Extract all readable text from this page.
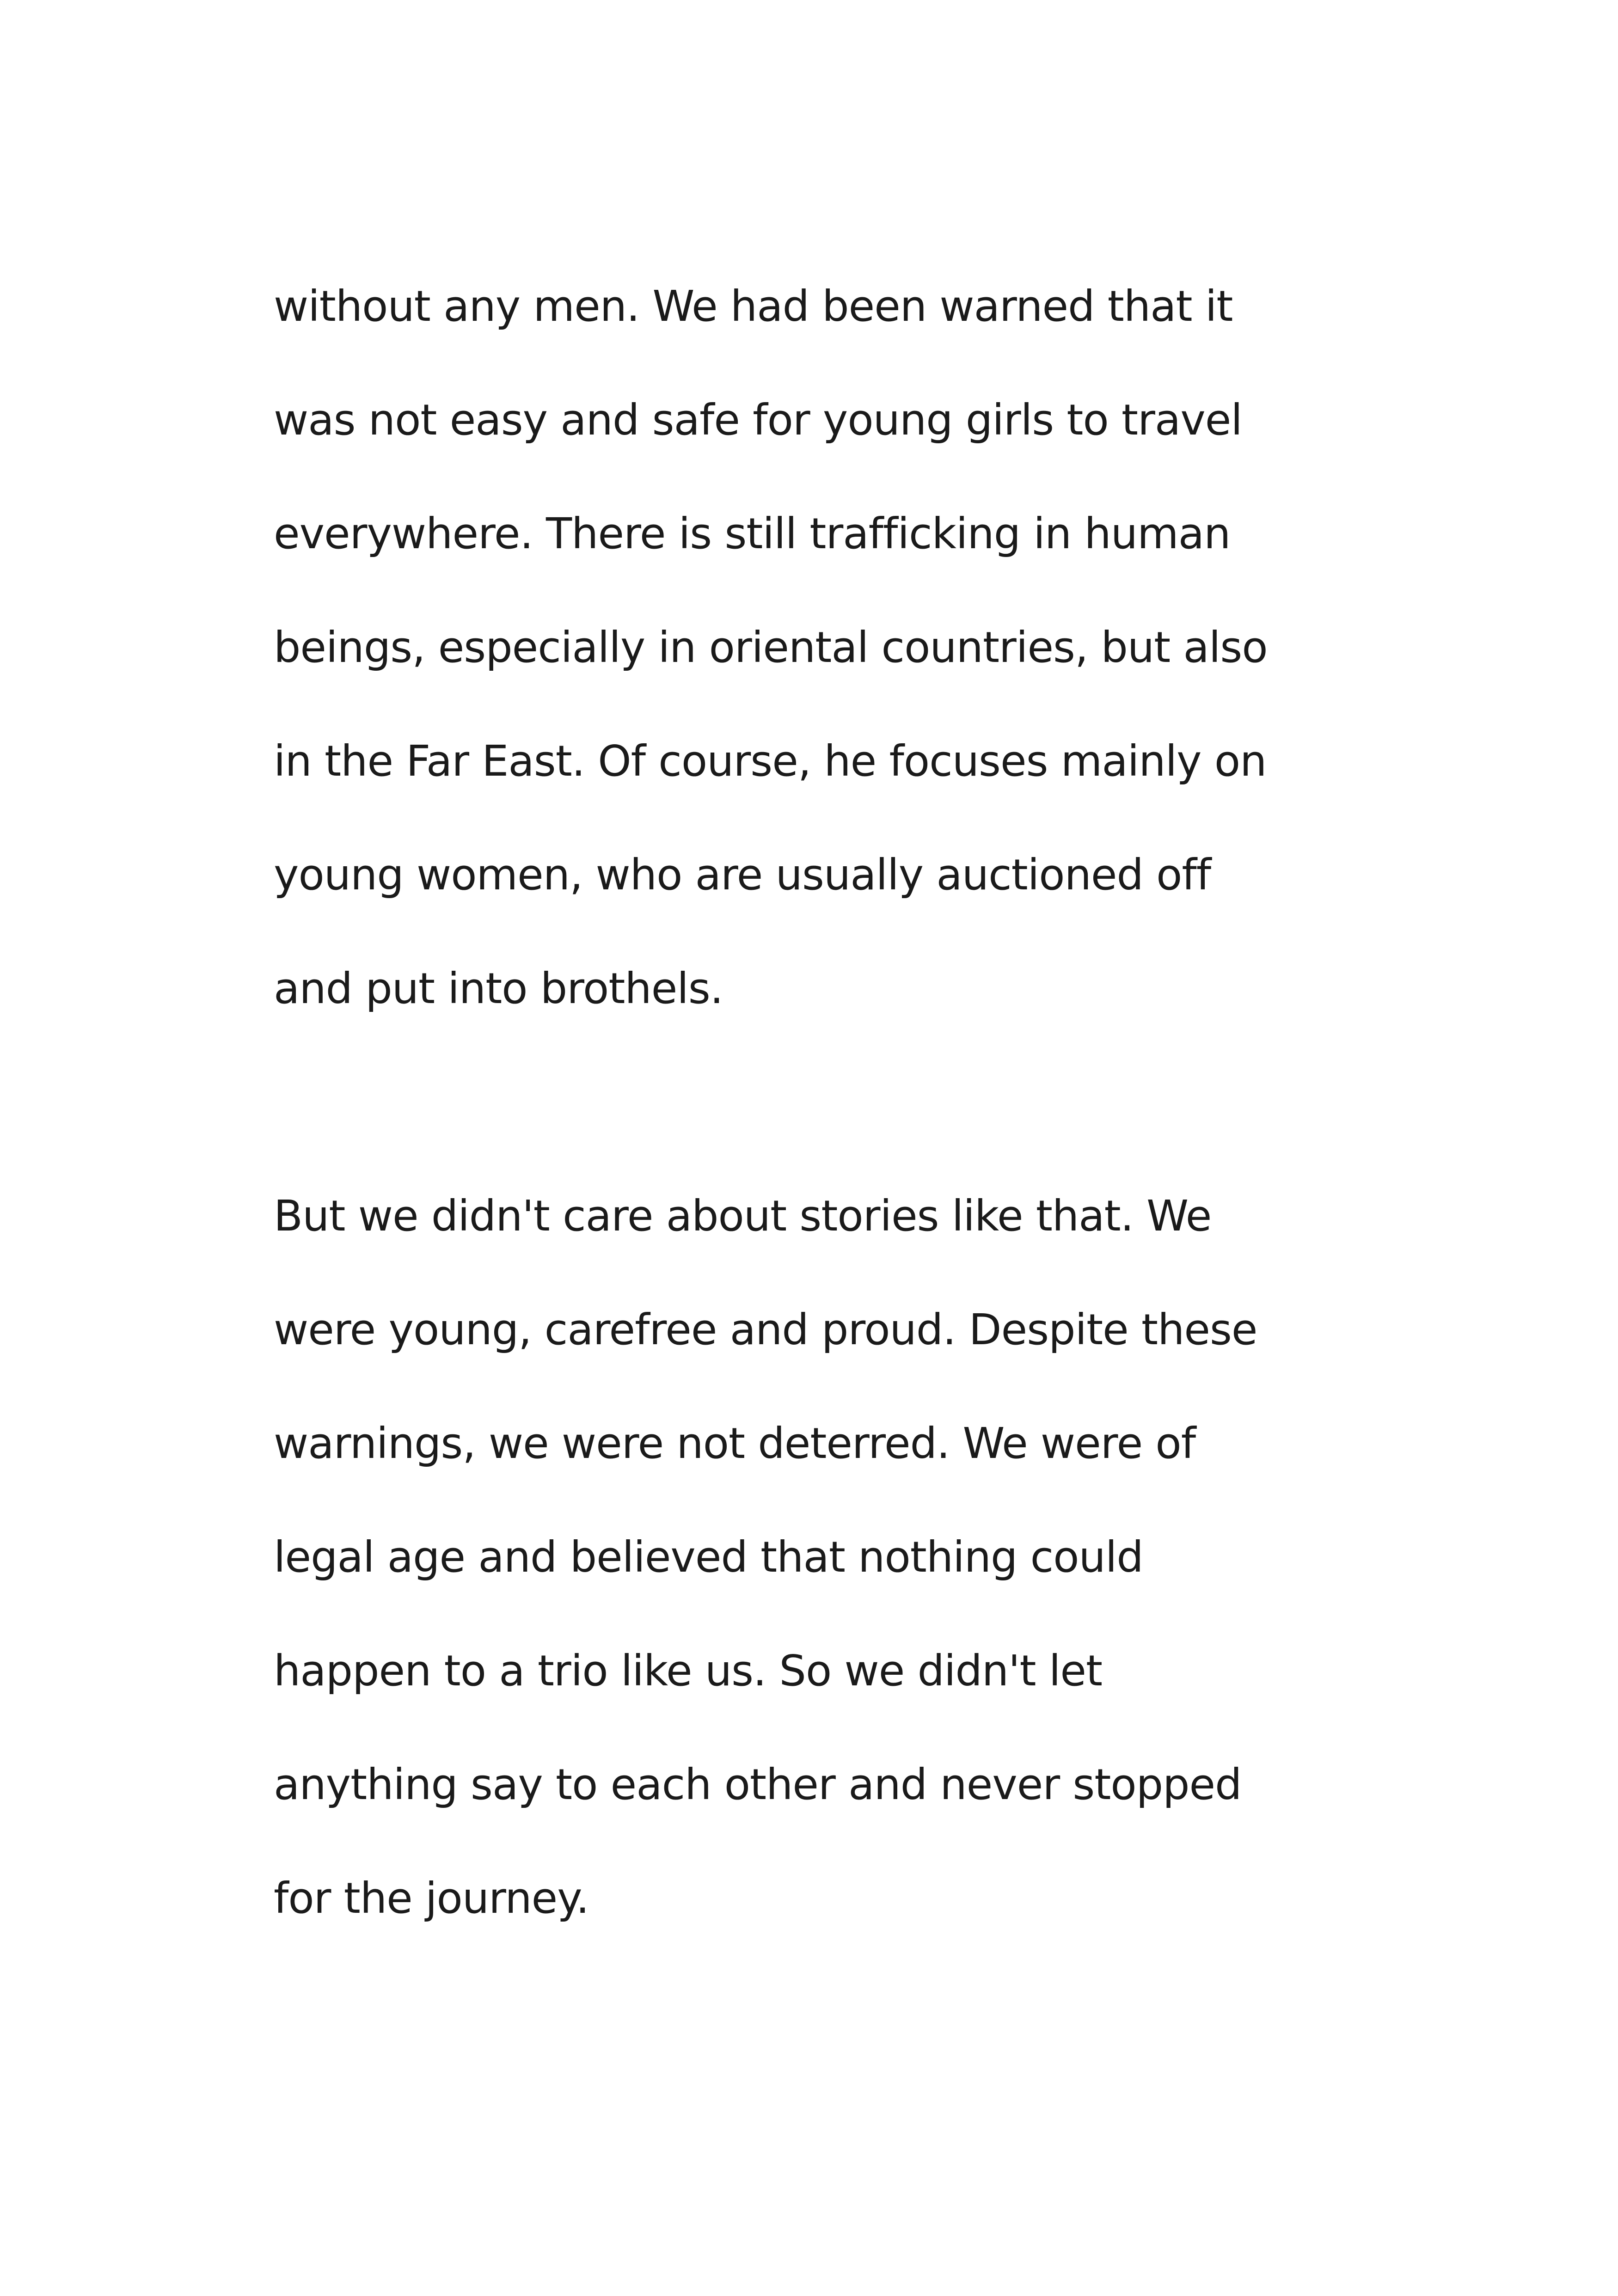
without any men. We had been warned that it
was not easy and safe for young girls to travel
everywhere. There is still trafficking in human
beings, especially in oriental countries, but also
in the Far East. Of course, he focuses mainly on
young women, who are usually auctioned off
and put into brothels.
But we didn't care about stories like that. We
were young, carefree and proud. Despite these
warnings, we were not deterred. We were of
legal age and believed that nothing could
happen to a trio like us. So we didn't let
anything say to each other and never stopped
for the journey.
